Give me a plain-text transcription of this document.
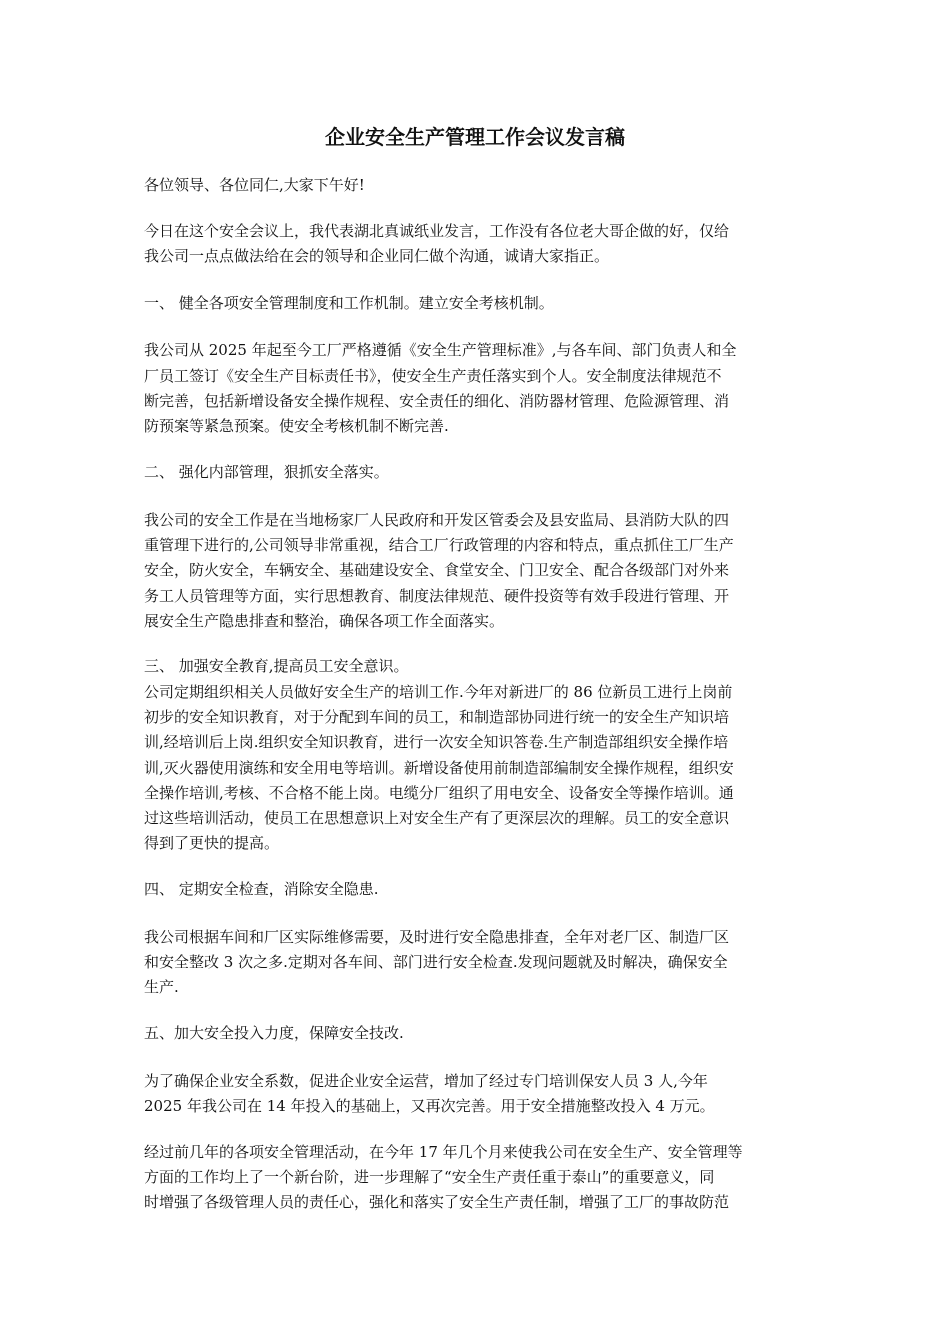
企业安全生产管理工作会议发言稿
各位领导、各位同仁,大家下午好!
今日在这个安全会议上，我代表湖北真诚纸业发言，工作没有各位老大哥企做的好，仅给
我公司一点点做法给在会的领导和企业同仁做个沟通，诚请大家指正。
一、 健全各项安全管理制度和工作机制。建立安全考核机制。
我公司从 2025 年起至今工厂严格遵循《安全生产管理标准》,与各车间、部门负责人和全
厂员工签订《安全生产目标责任书》，使安全生产责任落实到个人。安全制度法律规范不
断完善，包括新增设备安全操作规程、安全责任的细化、消防器材管理、危险源管理、消
防预案等紧急预案。使安全考核机制不断完善.
二、 强化内部管理，狠抓安全落实。
我公司的安全工作是在当地杨家厂人民政府和开发区管委会及县安监局、县消防大队的四
重管理下进行的,公司领导非常重视，结合工厂行政管理的内容和特点，重点抓住工厂生产
安全，防火安全，车辆安全、基础建设安全、食堂安全、门卫安全、配合各级部门对外来
务工人员管理等方面，实行思想教育、制度法律规范、硬件投资等有效手段进行管理、开
展安全生产隐患排查和整治，确保各项工作全面落实。
三、 加强安全教育,提高员工安全意识。
公司定期组织相关人员做好安全生产的培训工作.今年对新进厂的 86 位新员工进行上岗前
初步的安全知识教育，对于分配到车间的员工，和制造部协同进行统一的安全生产知识培
训,经培训后上岗.组织安全知识教育，进行一次安全知识答卷.生产制造部组织安全操作培
训,灭火器使用演练和安全用电等培训。新增设备使用前制造部编制安全操作规程，组织安
全操作培训,考核、不合格不能上岗。电缆分厂组织了用电安全、设备安全等操作培训。通
过这些培训活动，使员工在思想意识上对安全生产有了更深层次的理解。员工的安全意识
得到了更快的提高。
四、 定期安全检查，消除安全隐患.
我公司根据车间和厂区实际维修需要，及时进行安全隐患排查，全年对老厂区、制造厂区
和安全整改 3 次之多.定期对各车间、部门进行安全检查.发现问题就及时解决，确保安全
生产.
五、加大安全投入力度，保障安全技改.
为了确保企业安全系数，促进企业安全运营，增加了经过专门培训保安人员 3 人,今年
2025 年我公司在 14 年投入的基础上，又再次完善。用于安全措施整改投入 4 万元。
经过前几年的各项安全管理活动，在今年 17 年几个月来使我公司在安全生产、安全管理等
方面的工作均上了一个新台阶，进一步理解了“安全生产责任重于泰山”的重要意义，同
时增强了各级管理人员的责任心，强化和落实了安全生产责任制，增强了工厂的事故防范
